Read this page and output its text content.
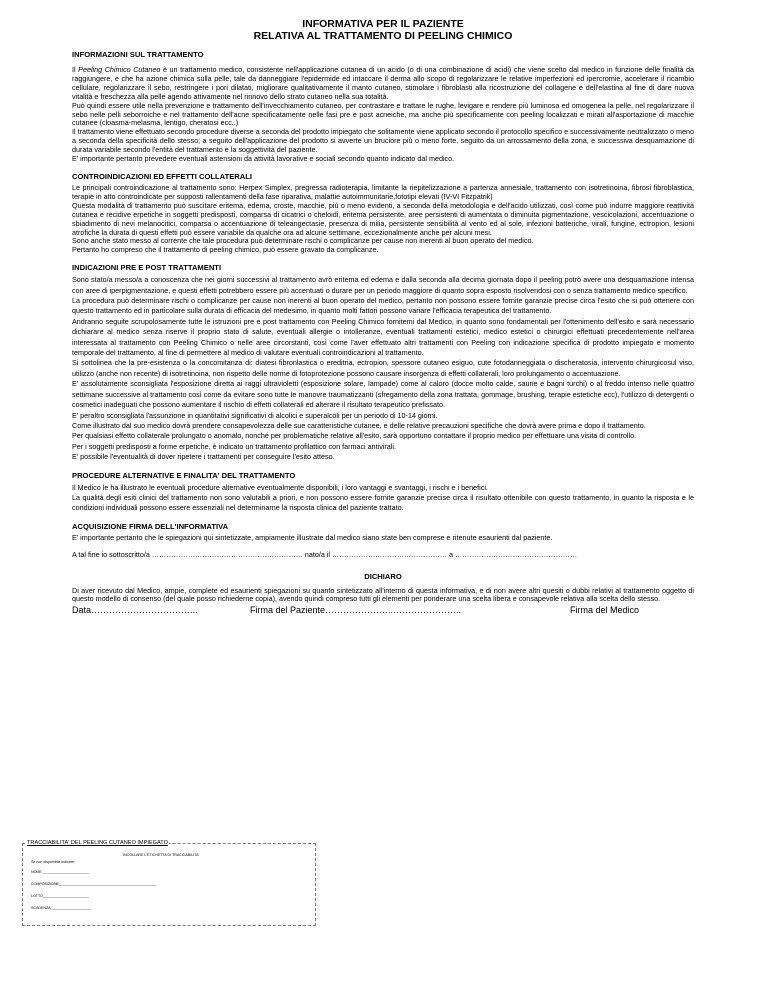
INFORMATIVA PER IL PAZIENTE
RELATIVA AL TRATTAMENTO DI PEELING CHIMICO
INFORMAZIONI SUL TRATTAMENTO

Il Peeling Chimico Cutaneo è un trattamento medico, consistente nell'applicazione cutanea di un acido (o di una combinazione di acidi) che viene scelto dal medico in funzione delle finalità da raggiungere, e che ha azione chimica sulla pelle, tale da danneggiare l'epidermide ed intaccare il derma allo scopo di regolarizzare le relative imperfezioni ed ipercromie, accelerare il ricambio cellulare, regolarizzare il sebo, restringere i pori dilatati, migliorare qualitativamente il manto cutaneo, stimolare i fibroblasti alla ricostruzione del collagene e dell'elastina al fine di dare nuova vitalità e freschezza alla pelle agendo attivamente nel rinnovo dello strato cutaneo nella sua totalità.

Può quindi essere utile nella prevenzione e trattamento dell'invecchiamento cutaneo, per contrastare e trattare le rughe, levigare e rendere più luminosa ed omogenea la pelle, nel regolarizzare il sebo nelle pelli seborroiche e nel trattamento dell'acne specificatamente nelle fasi pre e post acneiche, ma anche più specificamente con peeling localizzati e mirati all'asportazione di macchie cutanee (cloasma-melasma, lentigo, cheratosi ecc..)

Il trattamento viene effettuato secondo procedure diverse a seconda del prodotto impiegato che solitamente viene applicato secondo il protocollo specifico e successivamente neutralizzato o meno a seconda della specificità dello stesso; a seguito dell'applicazione del prodotto si avverte un bruciore più o meno forte, seguito da un arrossamento della zona, e successiva desquamazione di durata variabile secondo l'entità del trattamento e la soggettività del paziente.

E' importante pertanto prevedere eventuali astensioni da attività lavorative e sociali secondo quanto indicato dal medico.

CONTROINDICAZIONI ED EFFETTI COLLATERALI

Le principali controindicazione al trattamento sono: Herpex Simplex, pregressa radioterapia, limitante la riepitelizzazione a partenza annesiale, trattamento con isotretinoina, fibrosi fibroblastica, terapie in atto controindicate per supposti rallentamenti della fase riparativa, malattie autoimmunitarie,fototipi elevati (IV-VI Fitzpatrik)

Questa modalità di trattamento può suscitare eritema, edema, croste, macchie, più o meno evidenti, a seconda della metodologia e dell'acido utilizzati, così come può indurre maggiore reattività cutanea e recidive erpetiche in soggetti predisposti, comparsa di cicatrici o cheloidi, eritema persistente, aree persistenti di aumentata o diminuita pigmentazione, vescicolazioni, accentuazione o sbiadimento di nevi melanocitici, comparsa o accentuazione di teleangectasie, presenza di milia, persistente sensibilità al vento ed al sole, infezioni batteriche, virali, fungine, ectropion, lesioni atrofiche la durata di questi effetti può essere variabile da qualche ora ad alcune settimane, eccezionalmente anche per alcuni mesi.

Sono anche stato messo al corrente che tale procedura può determinare rischi o complicanze per cause non inerenti al buon operato del medico.

Pertanto ho compreso che il trattamento di peeling chimico, può essere gravato da complicanze.

INDICAZIONI PRE E POST TRATTAMENTI

Sono stato/a messo/a a conoscenza che nei giorni successivi al trattamento avrò eritema ed edema e dalla seconda alla decima giornata dopo il peeling potrò avere una desquamazione intensa con aree di iperpigmentazione, e questi effetti potrebbero essere più accentuati o durare per un periodo maggiore di quanto sopra esposto risolvendosi con o senza trattamento medico specifico.

La procedura può determinare rischi o complicanze per cause non inerenti al buon operato del medico, pertanto non possono essere fornite garanzie precise circa l'esito che si può ottenere con questo trattamento ed in particolare sulla durata di efficacia del medesimo, in quanto molti fattori possono variare l'efficacia terapeutica del trattamento.

Andranno seguite scrupolosamente tutte le istruzioni pre e post trattamento con Peeling Chimico fornitemi dal Medico, in quanto sono fondamentali per l'ottenimento dell'esito e sarà necessario dichiarare al medico senza riserve il proprio stato di salute, eventuali allergie o intolleranze, eventuali trattamenti estetici, medico estetici o chirurgici effettuati precedentemente nell'area interessata al trattamento con Peeling Chimico o nelle aree circorstanti, così come l'aver effettuato altri trattamenti con Peeling con indicazione specifica di prodotto impiegato e momento temporale del trattamento, al fine di permettere al medico di valutare eventuali controindicazioni al trattamento.

Si sottolinea che la pre-esistenza o la concomitanza di: diatesi fibronlastica o ereditria, ectropion, spessore cutaneo esiguo, cute fotodanneggiata o discheratosia, intervento chirurgicosul viso, utilizzo (anche non recente) di isotretinoina, non rispetto delle norme di fotoprotezione possono causare insorgenza di effetti collaterali, loro prolungamento o accentuazione.

E' assolutamente sconsigliata l'esposizione diretta ai raggi ultravioletti (esposizione solare, lampade) come al caloro (docce molto calde, saune e bagni turchi) o al freddo intenso nelle quattro settimane successive al trattamento così come da evitare sono tutte le manovre traumatizzanti (sfregamento della zona trattata, gommage, brushing, terapie estetiche ecc), l'utilizzo di detergenti o cosmetici inadeguati che possono aumentare il rischio di effetti collaterali ed alterare il risultato terapeutico prefissato.

E' peraltro sconsigliata l'assunzione in quantitativi significativi di alcolici e superalcoli per un periodo di 10-14 giorni.

Come illustrato dal suo medico dovrà prendere consapevolezza delle sue caratteristiche cutanee, e delle relative precauzioni specifiche che dovrà avere prima e dopo il trattamento.

Per qualsiasi effetto collaterale prolungato o anomalo, nonché per problematiche relative all'esito, sarà opportuno contattare il proprio medico per effettuare una visita di controllo.

Per i soggetti predisposti a forme erpetiche, è indicato un trattamento profilattico con farmaci antivirali.

E' possibile l'eventualità di dover ripetere i trattamenti per conseguire l'esito atteso.

PROCEDURE ALTERNATIVE E FINALITA' DEL TRATTAMENTO

Il Medico le ha illustrato le eventuali procedure alternative eventualmente disponibili, i loro vantaggi e svantaggi, i rischi e i benefici.

La qualità degli esiti clinici del trattamento non sono valutabili a priori, e non possono essere fornite garanzie precise circa il risultato ottenibile con questo trattamento, in quanto la risposta e le condizioni individuali possono essere essenziali nel determinarne la risposta clinica del paziente trattato.

ACQUISIZIONE FIRMA DELL'INFORMATIVA

E' importante pertanto che le spiegazioni qui sintetizzate, ampiamente illustrate dal medico siano state ben comprese e ritenute esaurienti dal paziente.

A tal fine io sottoscritto/a ……………………………………………………… nato/a il ………………………………………… a ……………………………………………

DICHIARO

Di aver ricevuto dal Medico, ampie, complete ed esaurienti spiegazioni su quanto sintetizzato all'interno di questa informativa, e di non avere altri quesiti o dubbi relativi al trattamento oggetto di questo modello di consenso (del quale posso richiederne copia), avendo quindi compreso tutti gli elementi per ponderare una scelta libera e consapevole relativa alla scelta dello stesso.

Data……………………………...	Firma del Paziente…………………..…………………..	Firma del Medico
TRACCIABILITA' DEL PEELING CUTANEO IMPIEGATO
INCOLLARE L'ETICHETTA DI TRACCIABILITA'
Se non disponibile indicare:
NOME _______________________
COMPOSIZIONE_________________________________________________
LOTTO_______________________
SCADENZA____________________
